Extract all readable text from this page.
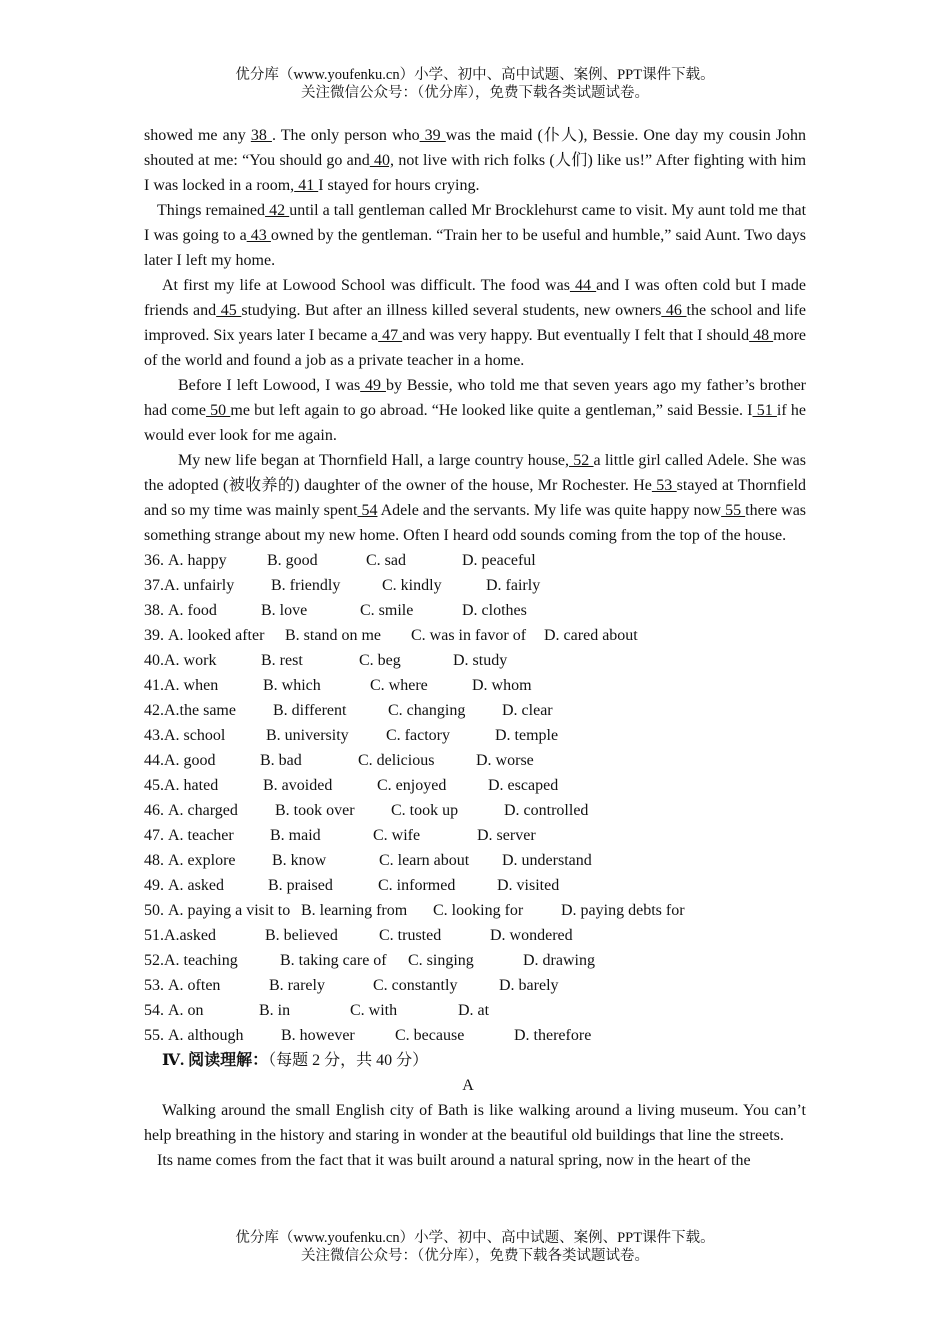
优分库（www.youfenku.cn）小学、初中、高中试题、案例、PPT课件下载。
关注微信公众号：（优分库），免费下载各类试题试卷。

showed me any 38 . The only person who 39 was the maid (仆人), Bessie. One day my cousin John shouted at me: “You should go and 40, not live with rich folks (人们) like us!” After fighting with him I was locked in a room, 41 I stayed for hours crying.

Things remained 42 until a tall gentleman called Mr Brocklehurst came to visit. My aunt told me that I was going to a 43 owned by the gentleman. “Train her to be useful and humble,” said Aunt. Two days later I left my home.

At first my life at Lowood School was difficult. The food was 44 and I was often cold but I made friends and 45 studying. But after an illness killed several students, new owners 46 the school and life improved. Six years later I became a 47 and was very happy. But eventually I felt that I should 48 more of the world and found a job as a private teacher in a home.

Before I left Lowood, I was 49 by Bessie, who told me that seven years ago my father’s brother had come 50 me but left again to go abroad. “He looked like quite a gentleman,” said Bessie. I 51 if he would ever look for me again.

My new life began at Thornfield Hall, a large country house, 52 a little girl called Adele. She was the adopted (被收养的) daughter of the owner of the house, Mr Rochester. He 53 stayed at Thornfield and so my time was mainly spent 54 Adele and the servants. My life was quite happy now 55 there was something strange about my new home. Often I heard odd sounds coming from the top of the house.

36. A. happy	B. good	C. sad	D. peaceful
37. A. unfairly B. friendly	C. kindly	D. fairly
38. A. food	B. love	C. smile	D. clothes
39. A. looked after B. stand on me C. was in favor of D. cared about
40. A. work	B. rest	C. beg	D. study
41. A. when	B. which	C. where	D. whom
42. A.the same B. different	C. changing D. clear
43. A. school	B. university C. factory	D. temple
44. A. good	B. bad	C. delicious	D. worse
45. A. hated	B. avoided	C. enjoyed	D. escaped
46. A. charged B. took over C. took up	D. controlled
47. A. teacher B. maid	C. wife	D. server
48. A. explore B. know	C. learn about D. understand
49. A. asked	B. praised	C. informed	D. visited
50. A. paying a visit to B. learning from C. looking for D. paying debts for
51. A.asked	B. believed	C. trusted	D. wondered
52. A. teaching	B. taking care of C. singing	D. drawing
53. A. often	B. rarely	C. constantly	D. barely
54. A. on	B. in	C. with	D. at
55. A. although B. however	C. because	D. therefore
Ⅳ. 阅读理解：（每题 2 分，共 40 分）
A

Walking around the small English city of Bath is like walking around a living museum. You can’t help breathing in the history and staring in wonder at the beautiful old buildings that line the streets.

Its name comes from the fact that it was built around a natural spring, now in the heart of the

优分库（www.youfenku.cn）小学、初中、高中试题、案例、PPT课件下载。
关注微信公众号：（优分库），免费下载各类试题试卷。
